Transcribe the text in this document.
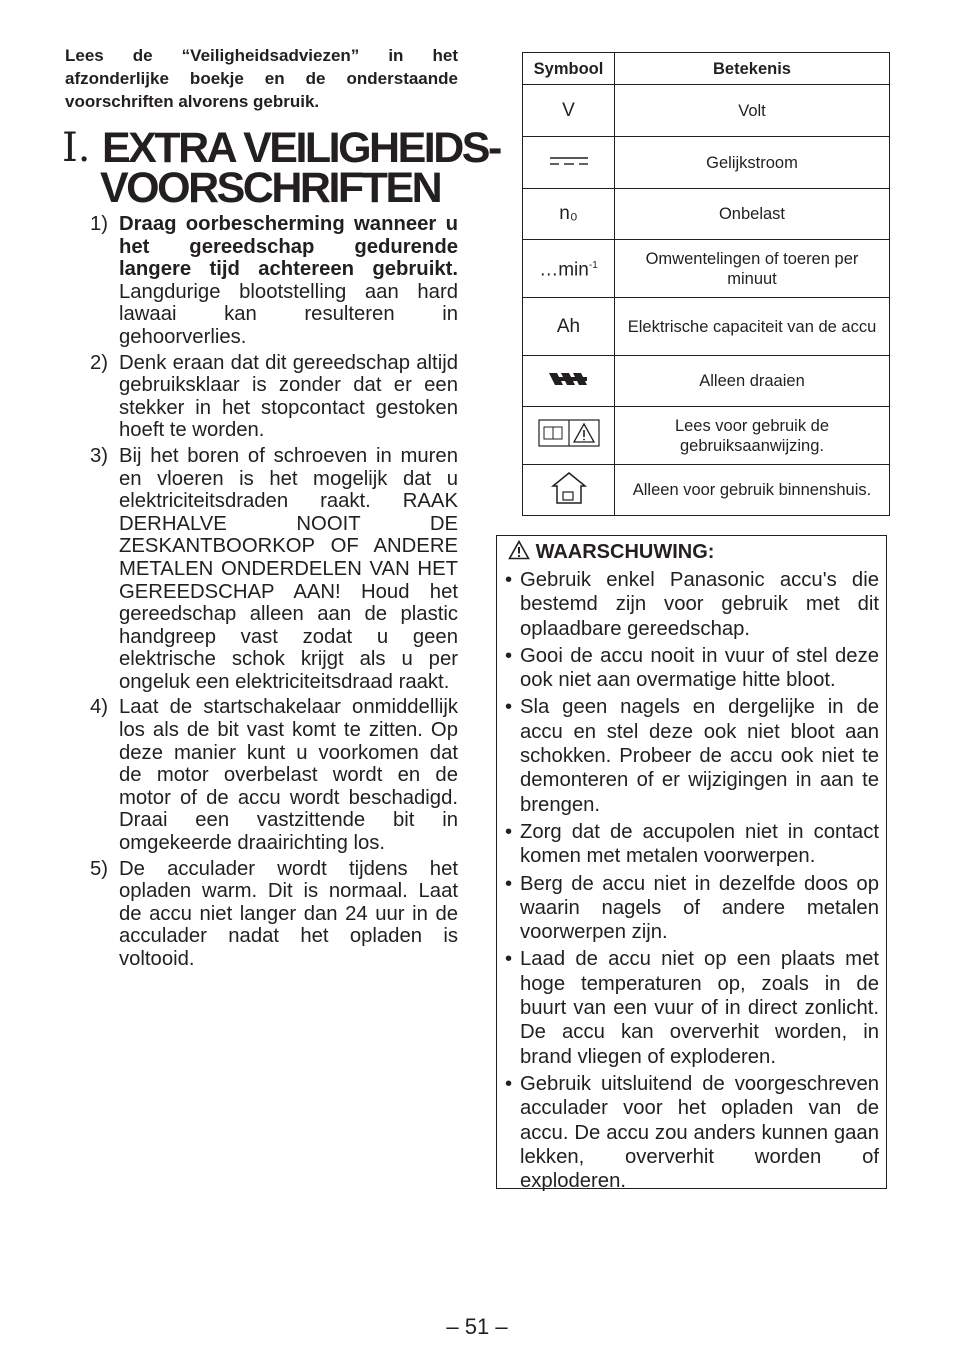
Lees de “Veiligheidsadviezen” in het afzonderlijke boekje en de onderstaande voorschriften alvorens gebruik.

I. EXTRA VEILIGHEIDS-
VOORSCHRIFTEN
1) Draag oorbescherming wanneer u het gereedschap gedurende langere tijd achtereen gebruikt. Langdurige blootstelling aan hard lawaai kan resulteren in gehoorverlies.
2) Denk eraan dat dit gereedschap altijd gebruiksklaar is zonder dat er een stekker in het stopcontact gestoken hoeft te worden.
3) Bij het boren of schroeven in muren en vloeren is het mogelijk dat u elektriciteitsdraden raakt. RAAK DERHALVE NOOIT DE ZESKANTBOORKOP OF ANDERE METALEN ONDERDELEN VAN HET GEREEDSCHAP AAN! Houd het gereedschap alleen aan de plastic handgreep vast zodat u geen elektrische schok krijgt als u per ongeluk een elektriciteitsdraad raakt.
4) Laat de startschakelaar onmiddellijk los als de bit vast komt te zitten. Op deze manier kunt u voorkomen dat de motor overbelast wordt en de motor of de accu wordt beschadigd. Draai een vastzittende bit in omgekeerde draairichting los.
5) De acculader wordt tijdens het opladen warm. Dit is normaal. Laat de accu niet langer dan 24 uur in de acculader nadat het opladen is voltooid.
Symbool	Betekenis
V	Volt
	Gelijkstroom
n₀	Onbelast
$\dots\min^{-1}$	Omwentelingen of toeren per minuut
Ah	Elektrische capaciteit van de accu
	Alleen draaien
	Lees voor gebruik de gebruiksaanwijzing.
	Alleen voor gebruik binnenshuis.

WAARSCHUWING:

• Gebruik enkel Panasonic accu's die bestemd zijn voor gebruik met dit oplaadbare gereedschap.
• Gooi de accu nooit in vuur of stel deze ook niet aan overmatige hitte bloot.
• Sla geen nagels en dergelijke in de accu en stel deze ook niet bloot aan schokken. Probeer de accu ook niet te demonteren of er wijzigingen in aan te brengen.
• Zorg dat de accupolen niet in contact komen met metalen voorwerpen.
• Berg de accu niet in dezelfde doos op waarin nagels of andere metalen voorwerpen zijn.
• Laad de accu niet op een plaats met hoge temperaturen op, zoals in de buurt van een vuur of in direct zonlicht. De accu kan oververhit worden, in brand vliegen of exploderen.
• Gebruik uitsluitend de voorgeschreven acculader voor het opladen van de accu. De accu zou anders kunnen gaan lekken, oververhit worden of exploderen.

– 51 –
